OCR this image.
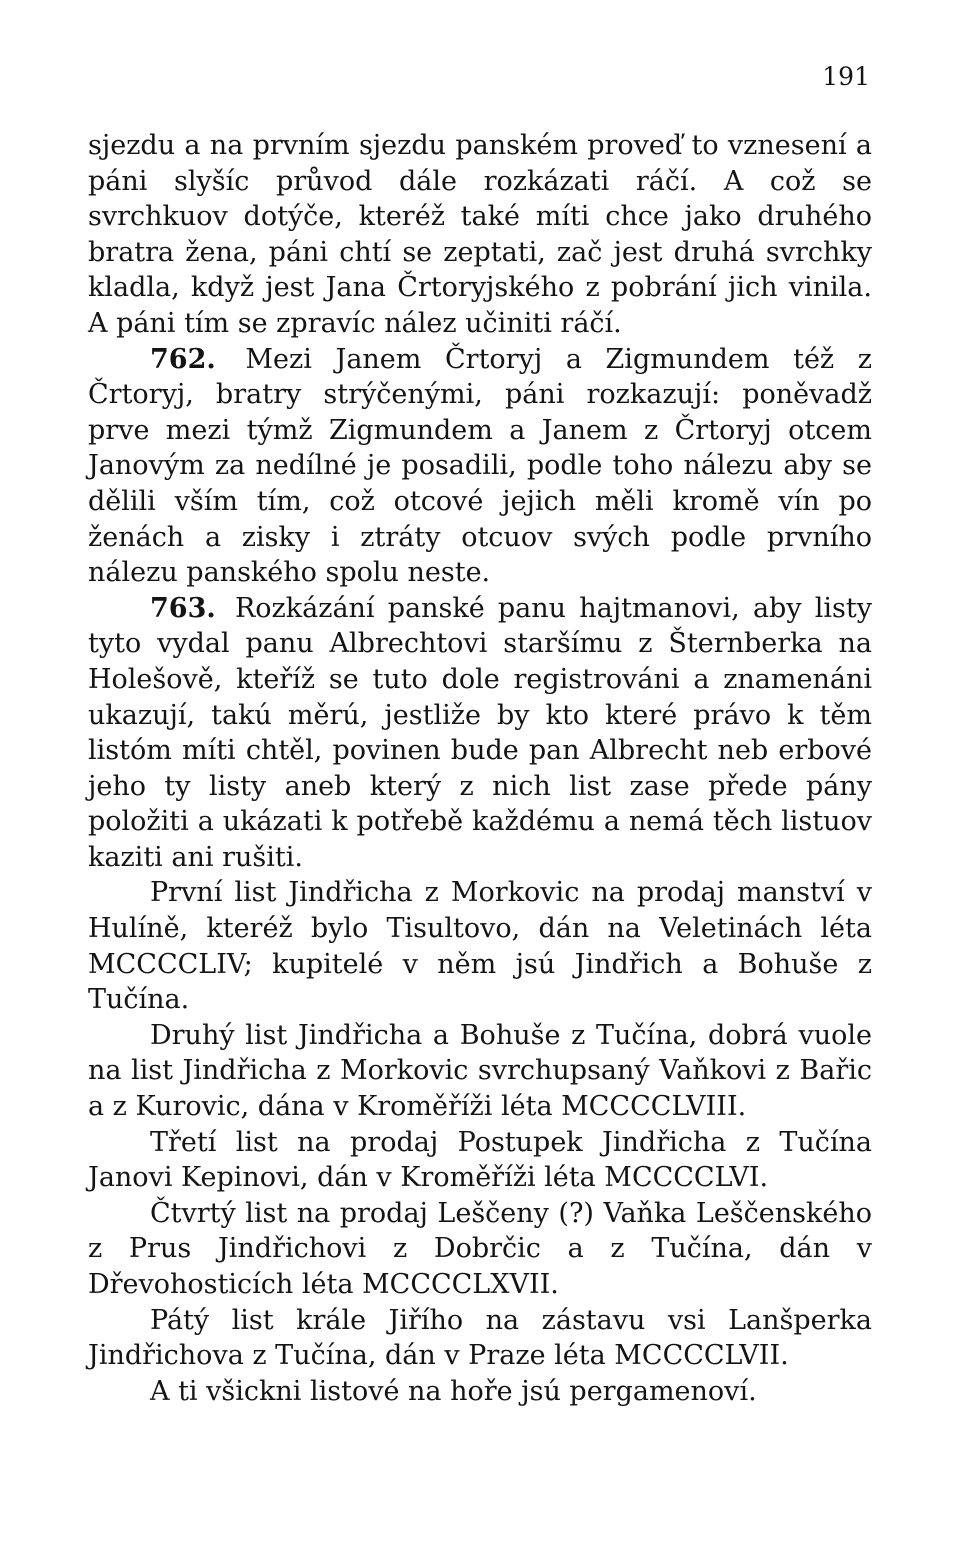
191

sjezdu a na prvním sjezdu panském proveď to vznesení a páni slyšíc průvod dále rozkázati ráčí. A což se svrchkuov dotýče, kteréž také míti chce jako druhého bratra žena, páni chtí se zeptati, zač jest druhá svrchky kladla, když jest Jana Črtoryjského z pobrání jich vinila. A páni tím se zpravíc nález učiniti ráčí.

762. Mezi Janem Črtoryj a Zigmundem též z Črtoryj, bratry strýčenými, páni rozkazují: poněvadž prve mezi týmž Zigmundem a Janem z Črtoryj otcem Janovým za nedílné je posadili, podle toho nálezu aby se dělili vším tím, což otcové jejich měli kromě vín po ženách a zisky i ztráty otcuov svých podle prvního nálezu panského spolu neste.

763. Rozkázání panské panu hajtmanovi, aby listy tyto vydal panu Albrechtovi staršímu z Šternberka na Holešově, kteříž se tuto dole registrováni a znamenáni ukazují, takú měrú, jestliže by kto které právo k těm listóm míti chtěl, povinen bude pan Albrecht neb erbové jeho ty listy aneb který z nich list zase přede pány položiti a ukázati k potřebě každému a nemá těch listuov kaziti ani rušiti.

První list Jindřicha z Morkovic na prodaj manství v Hulíně, kteréž bylo Tisultovo, dán na Veletinách léta MCCCCLIV; kupitelé v něm jsú Jindřich a Bohuše z Tučína.

Druhý list Jindřicha a Bohuše z Tučína, dobrá vuole na list Jindřicha z Morkovic svrchupsaný Vaňkovi z Bařic a z Kurovic, dána v Kroměříži léta MCCCCLVIII.

Třetí list na prodaj Postupek Jindřicha z Tučína Janovi Kepinovi, dán v Kroměříži léta MCCCCLVI.

Čtvrtý list na prodaj Leščeny (?) Vaňka Leščenského z Prus Jindřichovi z Dobrčic a z Tučína, dán v Dřevohosticích léta MCCCCLXVII.

Pátý list krále Jiřího na zástavu vsi Lanšperka Jindřichova z Tučína, dán v Praze léta MCCCCLVII.

A ti všickni listové na hoře jsú pergamenoví.
